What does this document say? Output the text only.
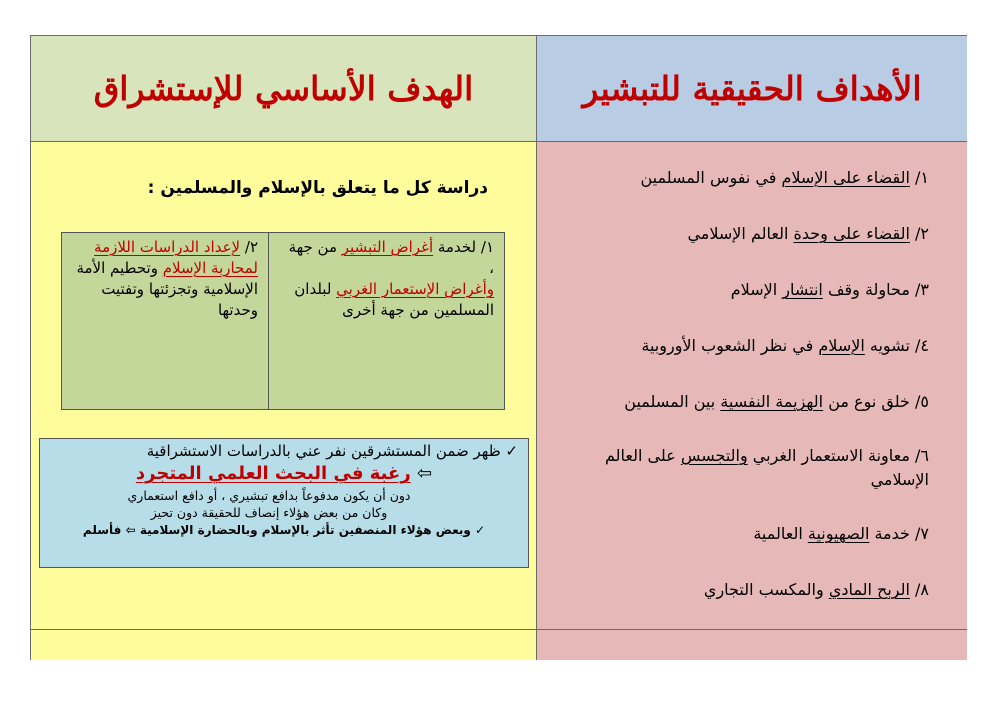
الأهداف الحقيقية للتبشير
الهدف الأساسي للإستشراق
١/ القضاء على الإسلام في نفوس المسلمين
٢/ القضاء على وحدة العالم الإسلامي
٣/ محاولة وقف انتشار الإسلام
٤/ تشويه الإسلام في نظر الشعوب الأوروبية
٥/ خلق نوع من الهزيمة النفسية بين المسلمين
٦/ معاونة الاستعمار الغربي والتجسس على العالم الإسلامي
٧/ خدمة الصهيونية العالمية
٨/ الربح المادي والمكسب التجاري
دراسة كل ما يتعلق بالإسلام والمسلمين :
١/ لخدمة أغراض التبشير من جهة ،
وأغراض الإستعمار الغربي لبلدان المسلمين من جهة أخرى
٢/ لإعداد الدراسات اللازمة لمحاربة الإسلام وتحطيم الأمة الإسلامية وتجزئتها وتفتيت وحدتها
✓ ظهر ضمن المستشرقين نفر عني بالدراسات الاستشراقية
⇦ رغبة في البحث العلمي المتجرد
دون أن يكون مدفوعاً بدافع تبشيري ، أو دافع استعماري
وكان من بعض هؤلاء إنصاف للحقيقة دون تحيز
✓ وبعض هؤلاء المنصفين تأثر بالإسلام وبالحضارة الإسلامية ⇦ فأسلم
